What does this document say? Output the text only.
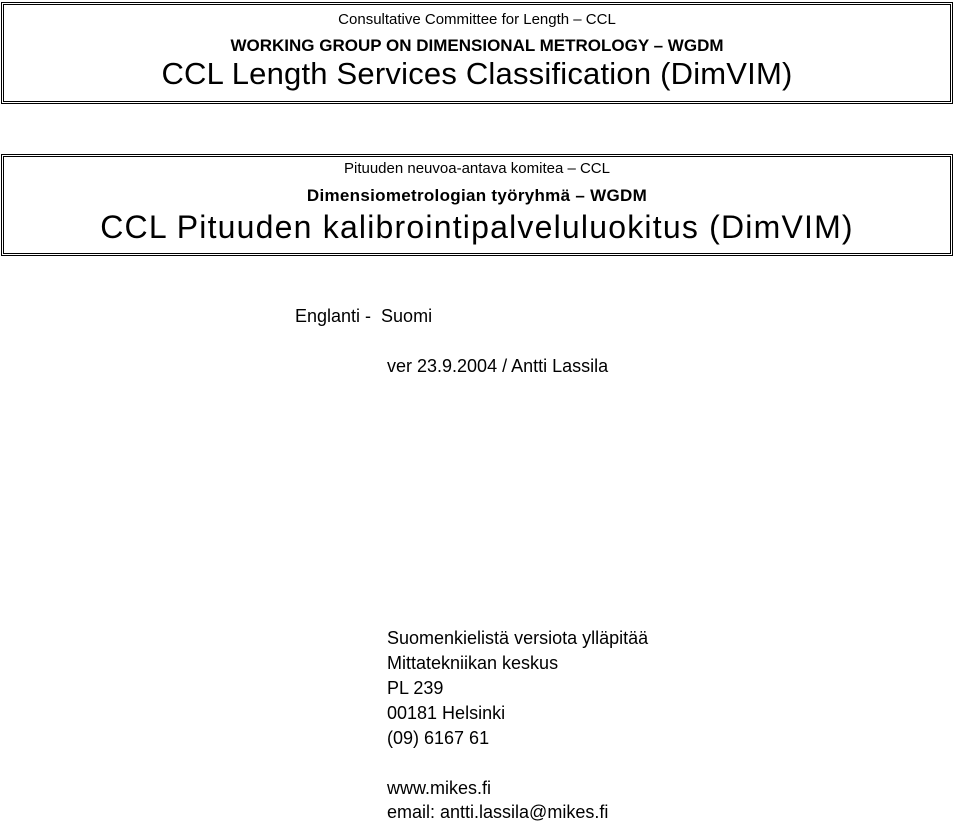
Consultative Committee for Length – CCL
WORKING GROUP ON DIMENSIONAL METROLOGY – WGDM
CCL Length Services Classification (DimVIM)
Pituuden neuvoa-antava komitea – CCL
Dimensiometrologian työryhmä – WGDM
CCL Pituuden kalibrointipalveluluokitus (DimVIM)
Englanti -  Suomi
ver 23.9.2004 / Antti Lassila
Suomenkielistä versiota ylläpitää
Mittatekniikan keskus
PL 239
00181 Helsinki
(09) 6167 61
www.mikes.fi
email: antti.lassila@mikes.fi
